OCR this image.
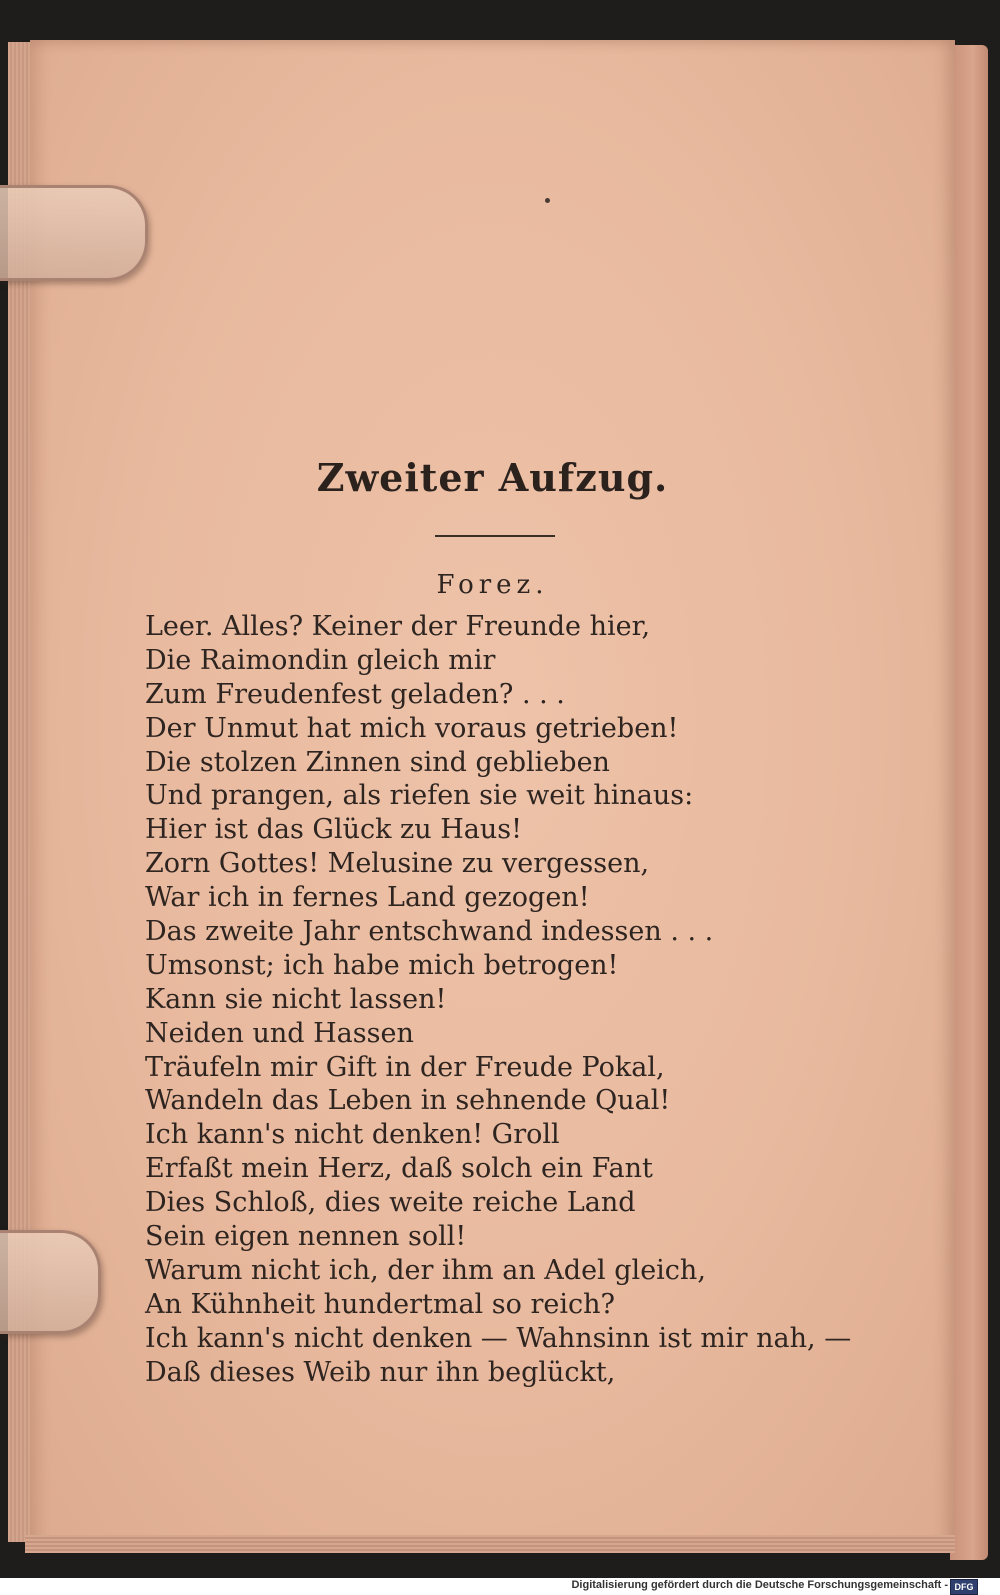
Zweiter Aufzug.
Forez.
Leer. Alles? Keiner der Freunde hier,
Die Raimondin gleich mir
Zum Freudenfest geladen? . . .
Der Unmut hat mich voraus getrieben!
Die stolzen Zinnen sind geblieben
Und prangen, als riefen sie weit hinaus:
Hier ist das Glück zu Haus!
Zorn Gottes! Melusine zu vergessen,
War ich in fernes Land gezogen!
Das zweite Jahr entschwand indessen . . .
Umsonst; ich habe mich betrogen!
Kann sie nicht lassen!
Neiden und Hassen
Träufeln mir Gift in der Freude Pokal,
Wandeln das Leben in sehnende Qual!
Ich kann's nicht denken! Groll
Erfaßt mein Herz, daß solch ein Fant
Dies Schloß, dies weite reiche Land
Sein eigen nennen soll!
Warum nicht ich, der ihm an Adel gleich,
An Kühnheit hundertmal so reich?
Ich kann's nicht denken — Wahnsinn ist mir nah, —
Daß dieses Weib nur ihn beglückt,
Digitalisierung gefördert durch die Deutsche Forschungsgemeinschaft - DFG
